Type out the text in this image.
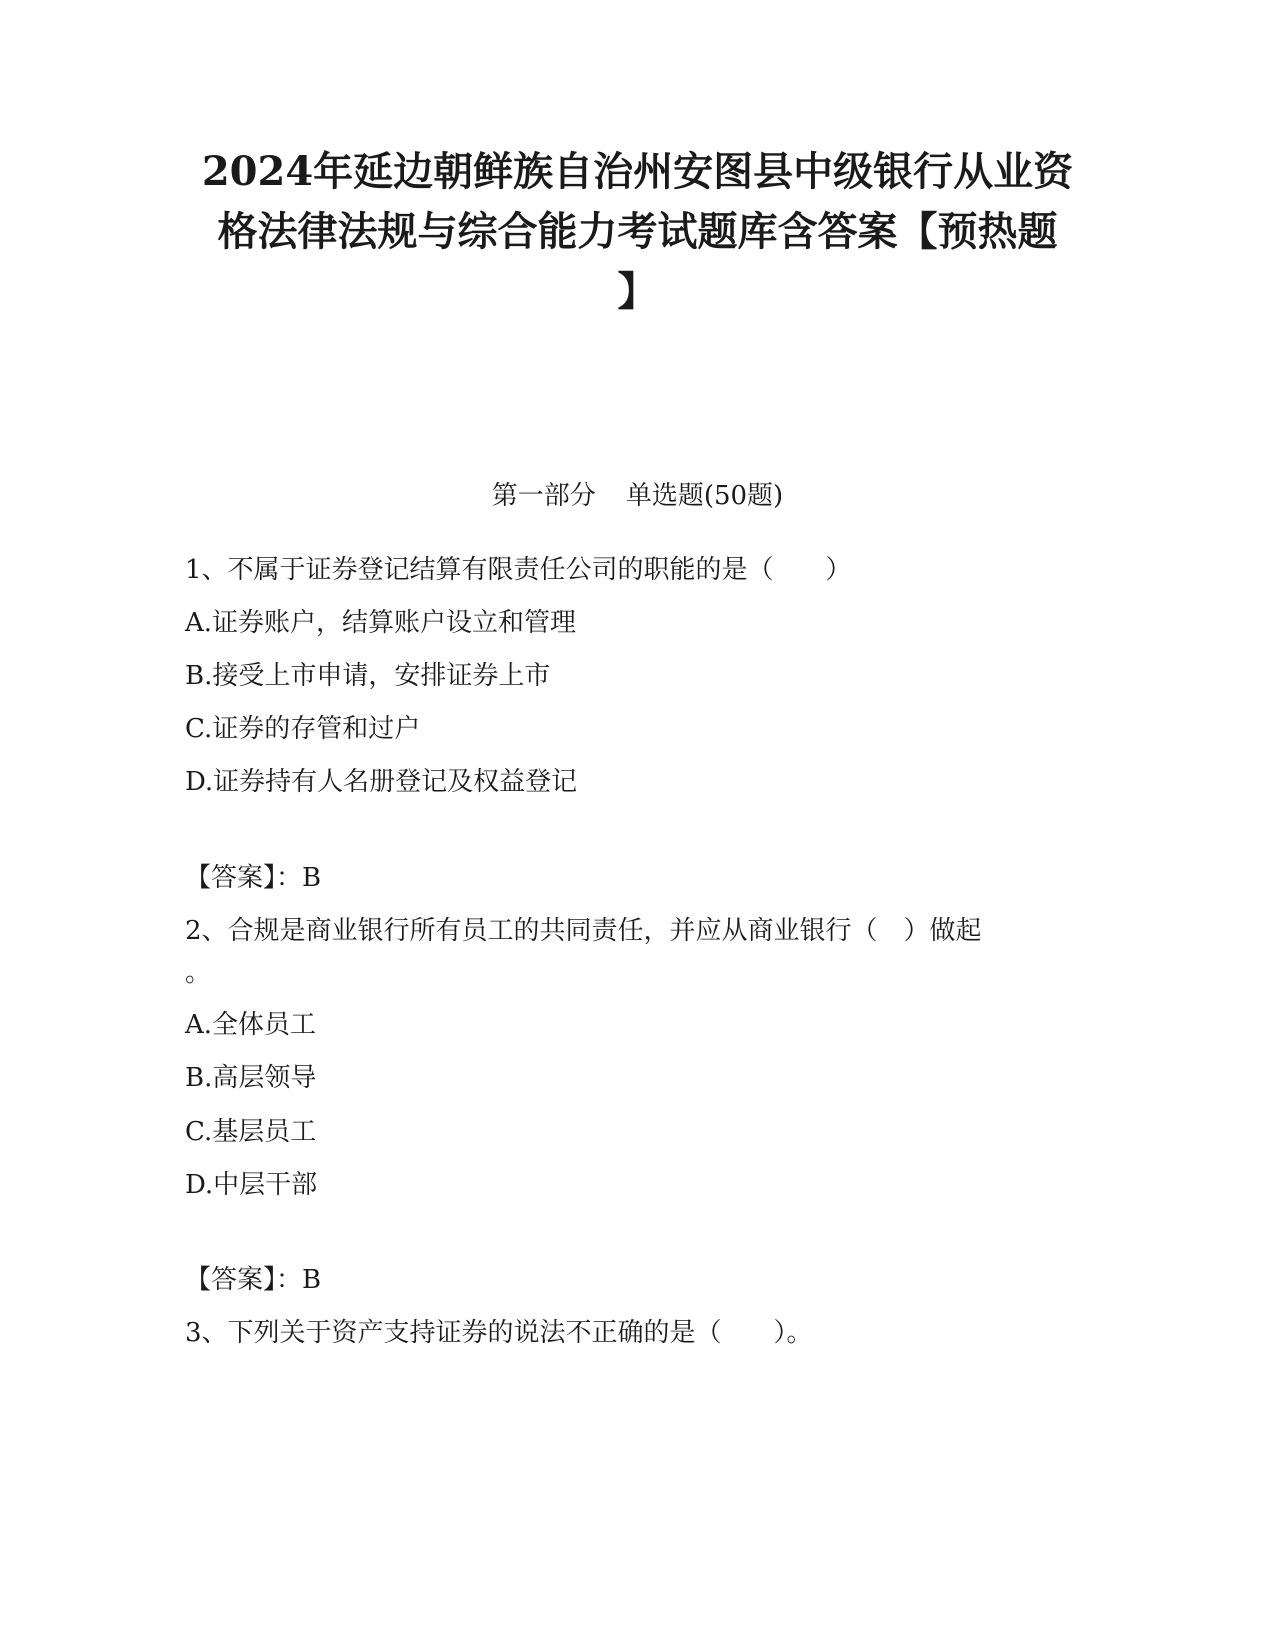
2024年延边朝鲜族自治州安图县中级银行从业资
格法律法规与综合能力考试题库含答案【预热题
】
第一部分 单选题(50题)
1、不属于证券登记结算有限责任公司的职能的是（　　）
A.证券账户，结算账户设立和管理
B.接受上市申请，安排证券上市
C.证券的存管和过户
D.证券持有人名册登记及权益登记
【答案】：B
2、合规是商业银行所有员工的共同责任，并应从商业银行（　）做起
。
A.全体员工
B.高层领导
C.基层员工
D.中层干部
【答案】：B
3、下列关于资产支持证券的说法不正确的是（　　）。
